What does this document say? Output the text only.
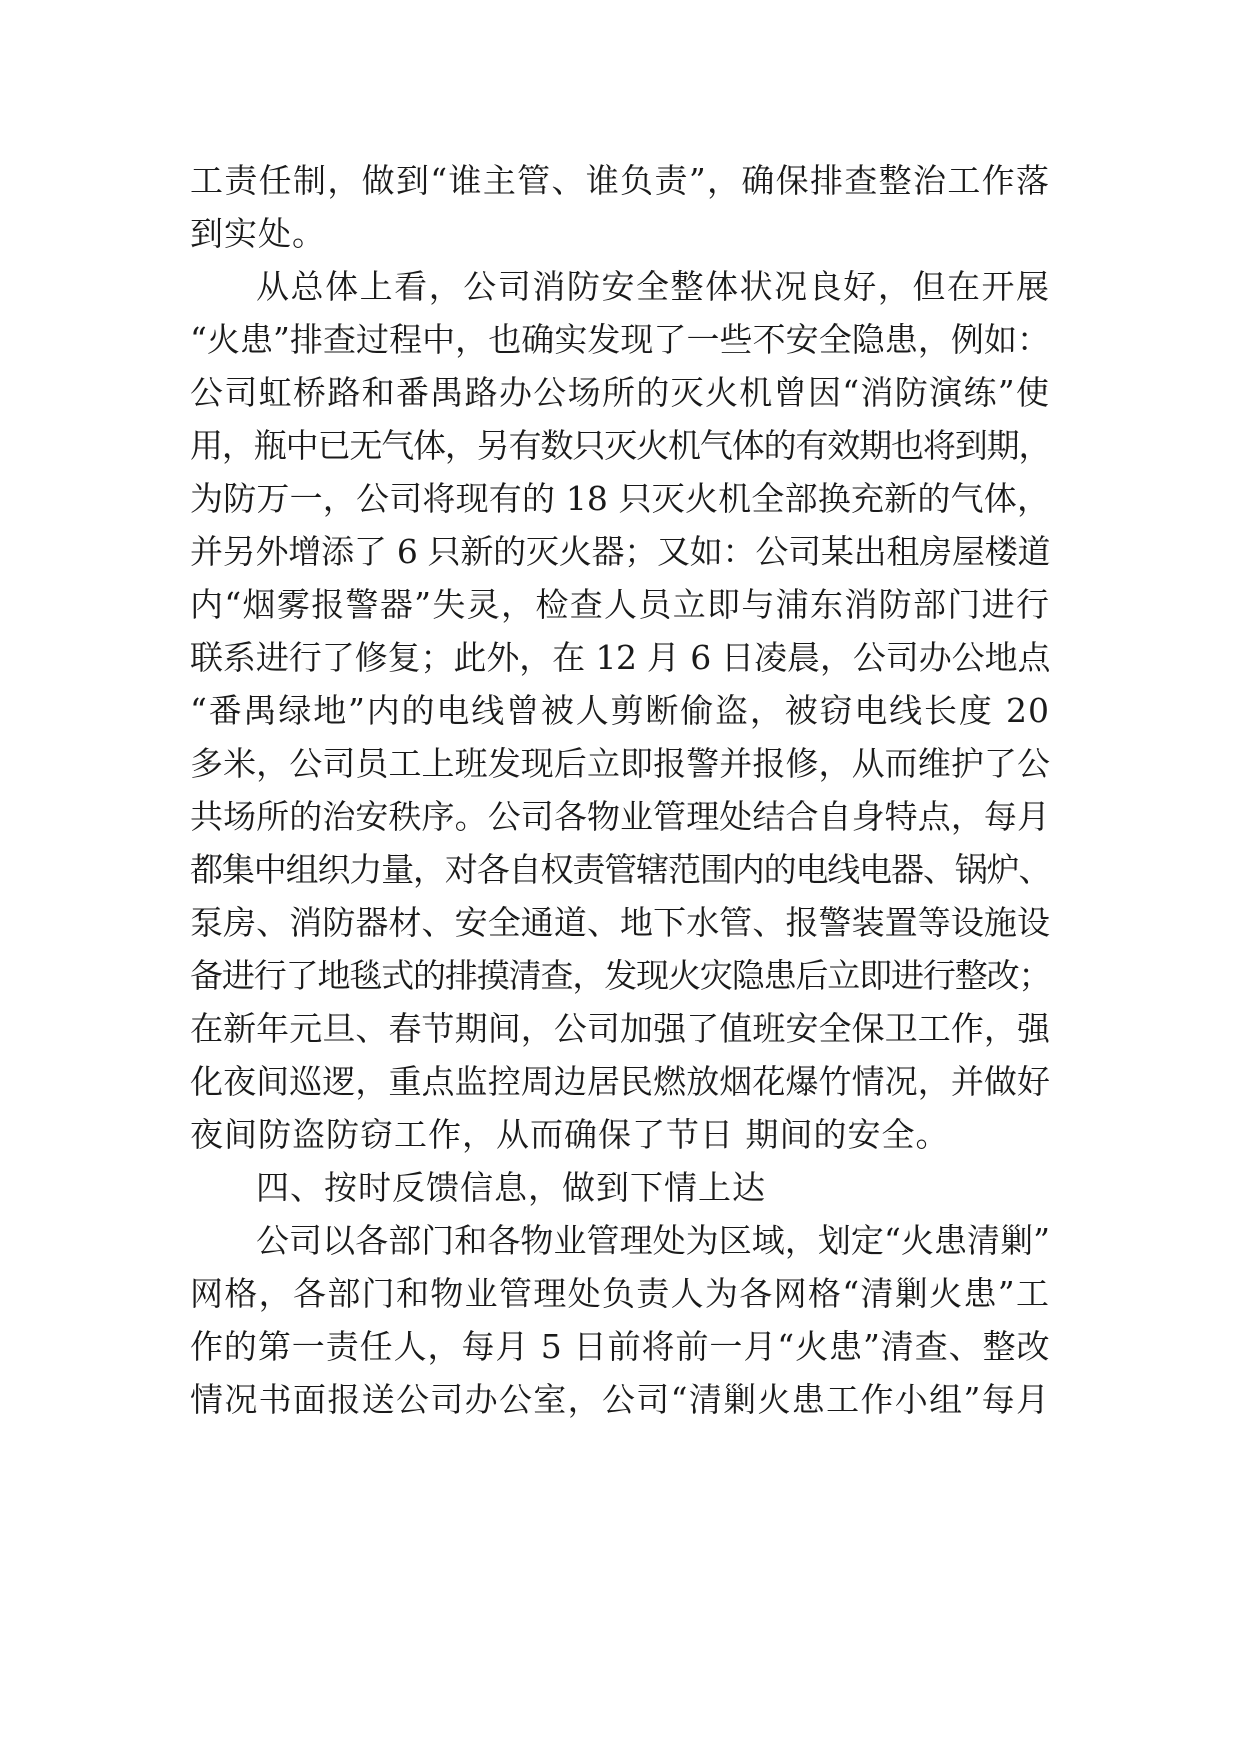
工责任制，做到“谁主管、谁负责”，确保排查整治工作落
到实处。
从总体上看，公司消防安全整体状况良好，但在开展
“火患”排查过程中，也确实发现了一些不安全隐患，例如：
公司虹桥路和番禺路办公场所的灭火机曾因“消防演练”使
用，瓶中已无气体，另有数只灭火机气体的有效期也将到期，
为防万一，公司将现有的 18 只灭火机全部换充新的气体，
并另外增添了 6 只新的灭火器；又如：公司某出租房屋楼道
内“烟雾报警器”失灵，检查人员立即与浦东消防部门进行
联系进行了修复；此外，在 12 月 6 日凌晨，公司办公地点
“番禺绿地”内的电线曾被人剪断偷盗，被窃电线长度 20
多米，公司员工上班发现后立即报警并报修，从而维护了公
共场所的治安秩序。公司各物业管理处结合自身特点，每月
都集中组织力量，对各自权责管辖范围内的电线电器、锅炉、
泵房、消防器材、安全通道、地下水管、报警装置等设施设
备进行了地毯式的排摸清查，发现火灾隐患后立即进行整改；
在新年元旦、春节期间，公司加强了值班安全保卫工作，强
化夜间巡逻，重点监控周边居民燃放烟花爆竹情况，并做好
夜间防盗防窃工作，从而确保了节日 期间的安全。
四、按时反馈信息，做到下情上达
公司以各部门和各物业管理处为区域，划定“火患清剿”
网格，各部门和物业管理处负责人为各网格“清剿火患”工
作的第一责任人，每月 5 日前将前一月“火患”清查、整改
情况书面报送公司办公室，公司“清剿火患工作小组”每月
